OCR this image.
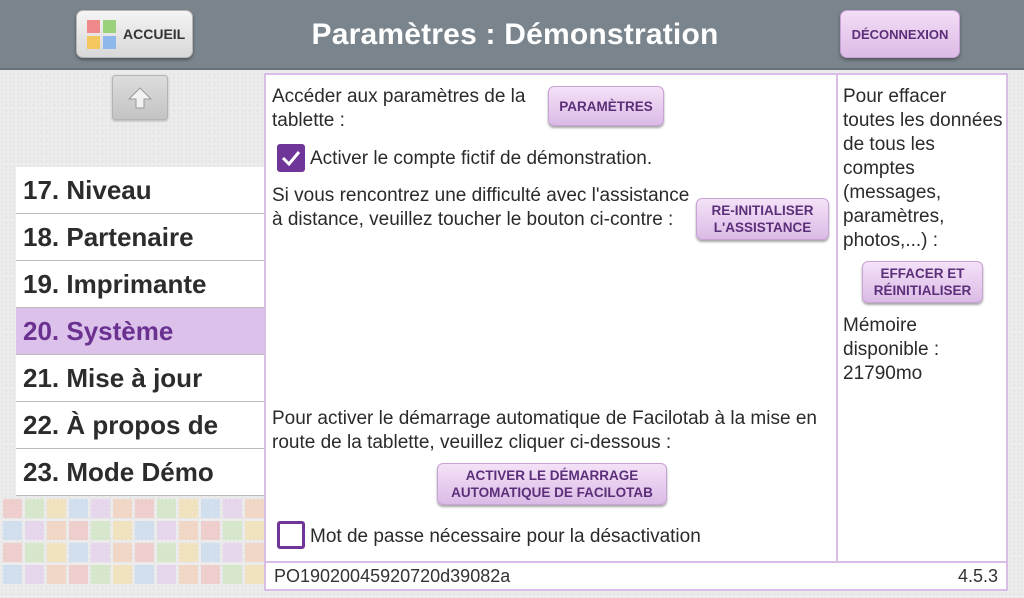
ACCUEIL	Paramètres : Démonstration	DÉCONNEXION
17. Niveau
18. Partenaire
19. Imprimante
20. Système
21. Mise à jour
22. À propos de
23. Mode Démo
Accéder aux paramètres de la tablette :
PARAMÈTRES
Activer le compte fictif de démonstration.
Si vous rencontrez une difficulté avec l'assistance à distance, veuillez toucher le bouton ci-contre :	RE-INITIALISER
L'ASSISTANCE
Pour activer le démarrage automatique de Facilotab à la mise en route de la tablette, veuillez cliquer ci-dessous :
ACTIVER LE DÉMARRAGE
AUTOMATIQUE DE FACILOTAB
Mot de passe nécessaire pour la désactivation
Pour effacer toutes les données de tous les comptes (messages, paramètres, photos,...) :
EFFACER ET
RÉINITIALISER
Mémoire disponible : 21790mo
PO19020045920720d39082a	4.5.3
